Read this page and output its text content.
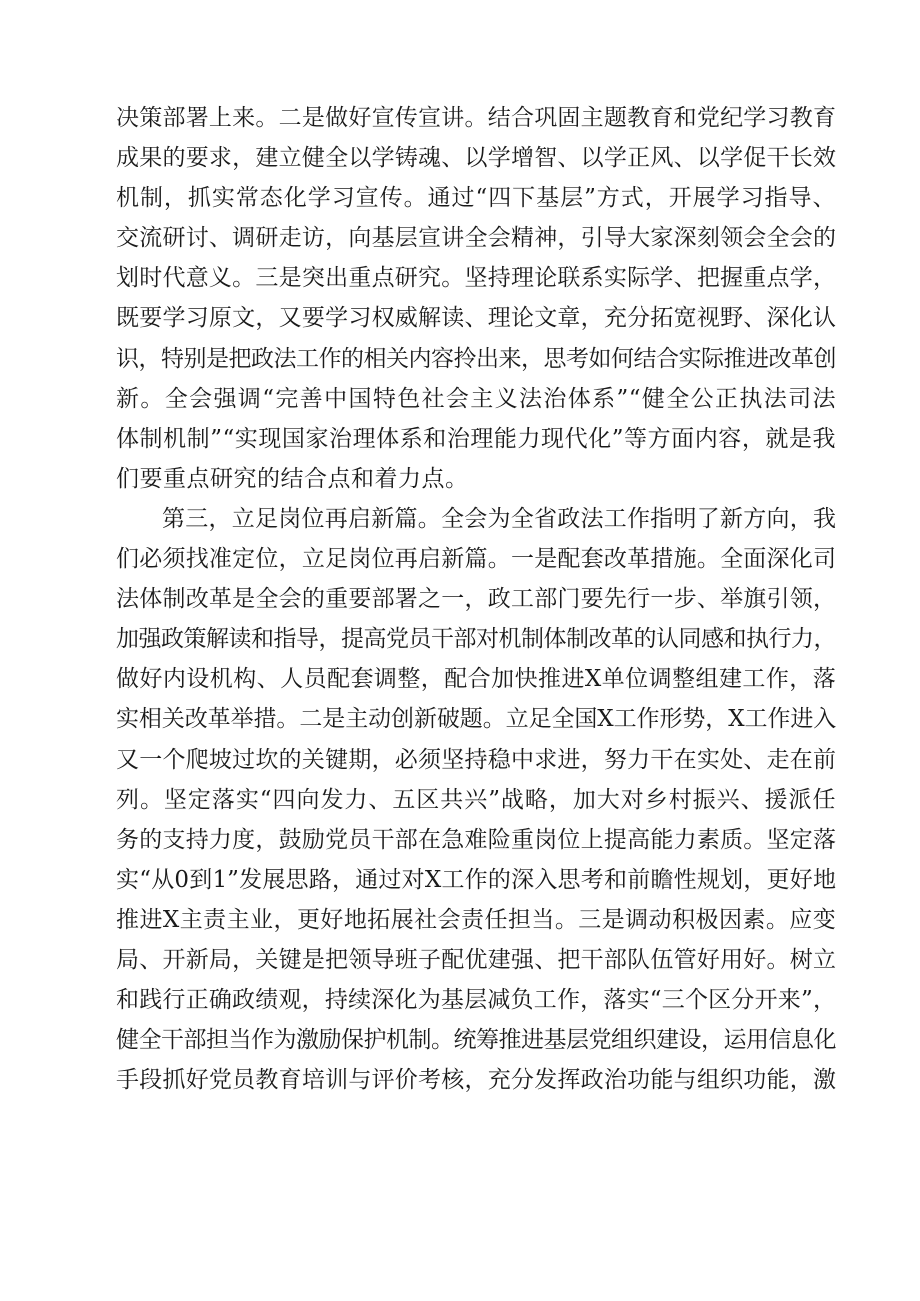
决策部署上来。二是做好宣传宣讲。结合巩固主题教育和党纪学习教育
成果的要求，建立健全以学铸魂、以学增智、以学正风、以学促干长效
机制，抓实常态化学习宣传。通过“四下基层”方式，开展学习指导、
交流研讨、调研走访，向基层宣讲全会精神，引导大家深刻领会全会的
划时代意义。三是突出重点研究。坚持理论联系实际学、把握重点学，
既要学习原文，又要学习权威解读、理论文章，充分拓宽视野、深化认
识，特别是把政法工作的相关内容拎出来，思考如何结合实际推进改革创
新。全会强调“完善中国特色社会主义法治体系”“健全公正执法司法
体制机制”“实现国家治理体系和治理能力现代化”等方面内容，就是我
们要重点研究的结合点和着力点。
第三，立足岗位再启新篇。全会为全省政法工作指明了新方向，我
们必须找准定位，立足岗位再启新篇。一是配套改革措施。全面深化司
法体制改革是全会的重要部署之一，政工部门要先行一步、举旗引领，
加强政策解读和指导，提高党员干部对机制体制改革的认同感和执行力，
做好内设机构、人员配套调整，配合加快推进X单位调整组建工作，落
实相关改革举措。二是主动创新破题。立足全国X工作形势，X工作进入
又一个爬坡过坎的关键期，必须坚持稳中求进，努力干在实处、走在前
列。坚定落实“四向发力、五区共兴”战略，加大对乡村振兴、援派任
务的支持力度，鼓励党员干部在急难险重岗位上提高能力素质。坚定落
实“从0到1”发展思路，通过对X工作的深入思考和前瞻性规划，更好地
推进X主责主业，更好地拓展社会责任担当。三是调动积极因素。应变
局、开新局，关键是把领导班子配优建强、把干部队伍管好用好。树立
和践行正确政绩观，持续深化为基层减负工作，落实“三个区分开来”，
健全干部担当作为激励保护机制。统筹推进基层党组织建设，运用信息化
手段抓好党员教育培训与评价考核，充分发挥政治功能与组织功能，激
